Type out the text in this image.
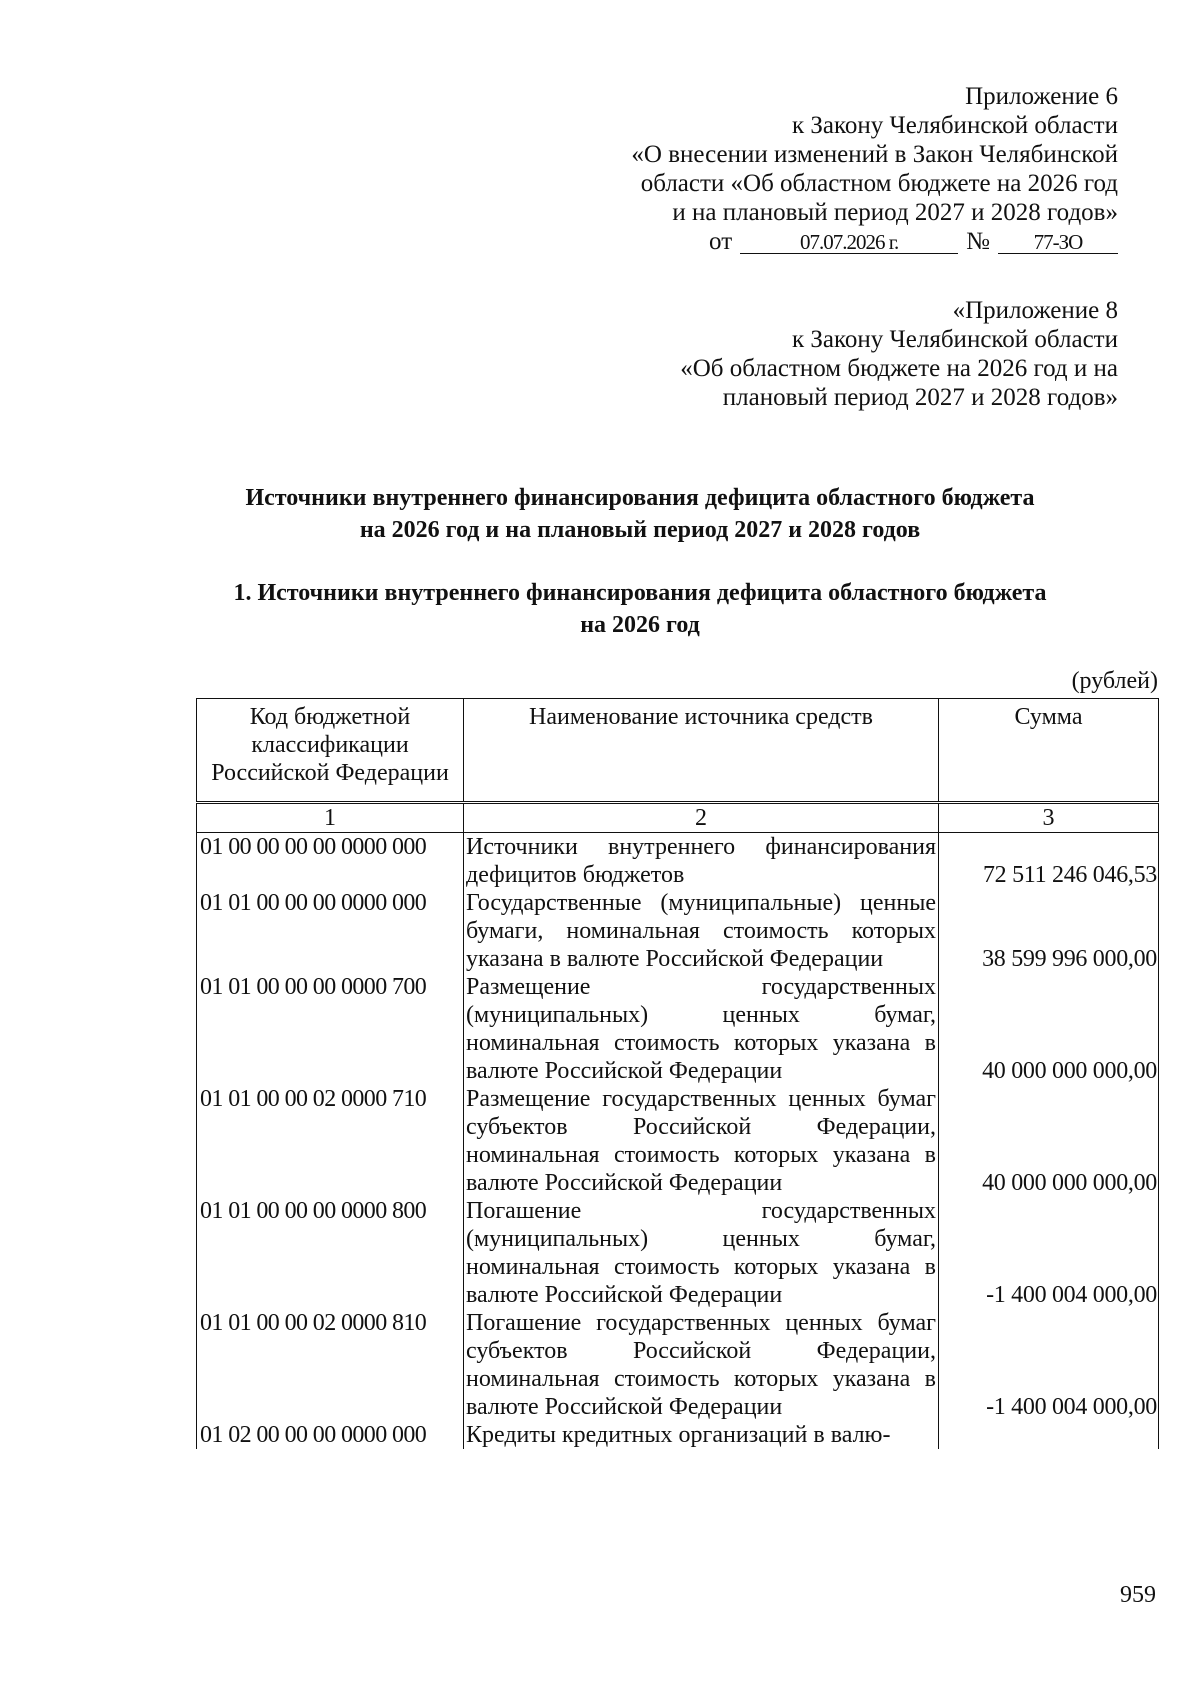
Приложение 6
к Закону Челябинской области
«О внесении изменений в Закон Челябинской
области «Об областном бюджете на 2026 год
и на плановый период 2027 и 2028 годов»
от	07.07.2026 г.	№	77-ЗО
«Приложение 8
к Закону Челябинской области
«Об областном бюджете на 2026 год и на
плановый период 2027 и 2028 годов»
Источники внутреннего финансирования дефицита областного бюджета
на 2026 год и на плановый период 2027 и 2028 годов
1. Источники внутреннего финансирования дефицита областного бюджета
на 2026 год
(рублей)
Код бюджетной классификации Российской Федерации	Наименование источника средств	Сумма
1	2	3
01 00 00 00 00 0000 000	Источники внутреннего финансирования дефицитов бюджетов	72 511 246 046,53
01 01 00 00 00 0000 000	Государственные (муниципальные) ценные бумаги, номинальная стоимость которых указана в валюте Российской Федерации	38 599 996 000,00
01 01 00 00 00 0000 700	Размещение государственных (муниципальных) ценных бумаг, номинальная стоимость которых указана в валюте Российской Федерации	40 000 000 000,00
01 01 00 00 02 0000 710	Размещение государственных ценных бумаг субъектов Российской Федерации, номинальная стоимость которых указана в валюте Российской Федерации	40 000 000 000,00
01 01 00 00 00 0000 800	Погашение государственных (муниципальных) ценных бумаг, номинальная стоимость которых указана в валюте Российской Федерации	-1 400 004 000,00
01 01 00 00 02 0000 810	Погашение государственных ценных бумаг субъектов Российской Федерации, номинальная стоимость которых указана в валюте Российской Федерации	-1 400 004 000,00
01 02 00 00 00 0000 000	Кредиты кредитных организаций в валю-	
959
